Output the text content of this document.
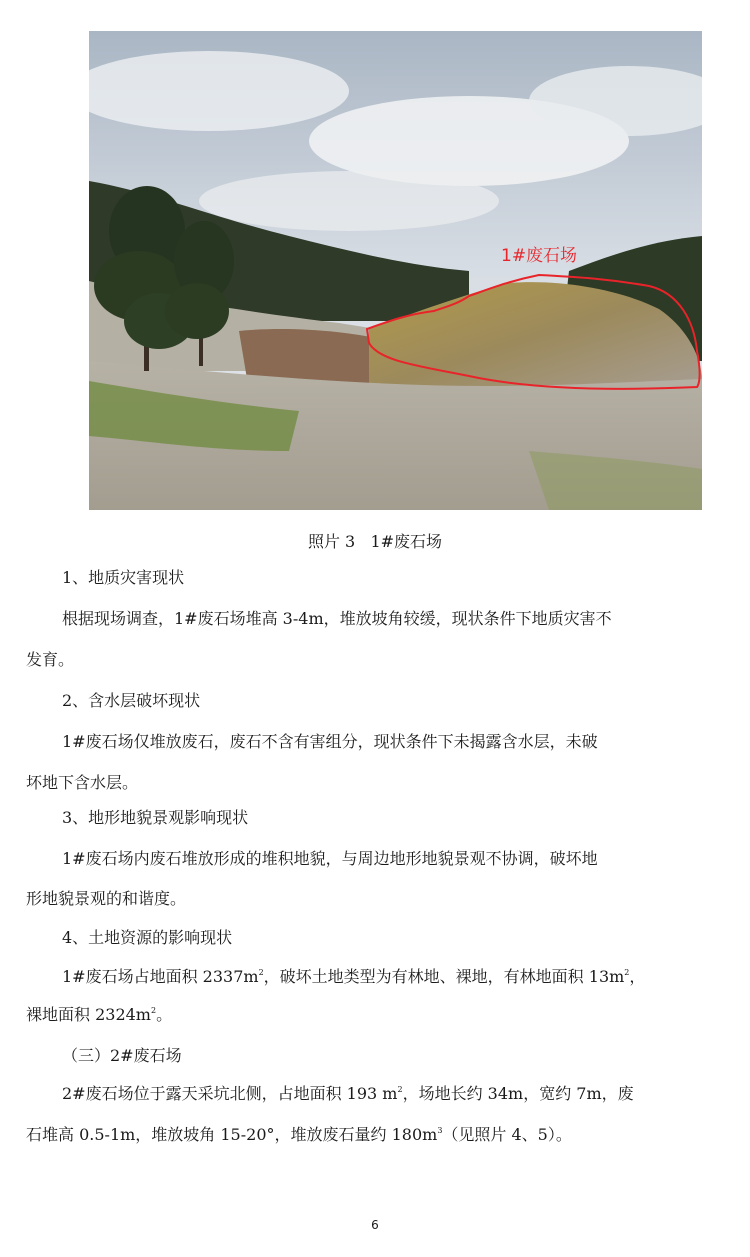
1#废石场
照片 3   1#废石场
1、地质灾害现状
根据现场调查，1#废石场堆高 3-4m，堆放坡角较缓，现状条件下地质灾害不
发育。
2、含水层破坏现状
1#废石场仅堆放废石，废石不含有害组分，现状条件下未揭露含水层，未破
坏地下含水层。
3、地形地貌景观影响现状
1#废石场内废石堆放形成的堆积地貌，与周边地形地貌景观不协调，破坏地
形地貌景观的和谐度。
4、土地资源的影响现状
1#废石场占地面积 $2337m^2$，破坏土地类型为有林地、裸地，有林地面积 $13m^2$，
裸地面积 $2324m^2$。
（三）2#废石场
2#废石场位于露天采坑北侧，占地面积 193 $m^2$，场地长约 34m，宽约 7m，废
石堆高 0.5-1m，堆放坡角 15-20°，堆放废石量约 $180m^3$（见照片 4、5）。
6
